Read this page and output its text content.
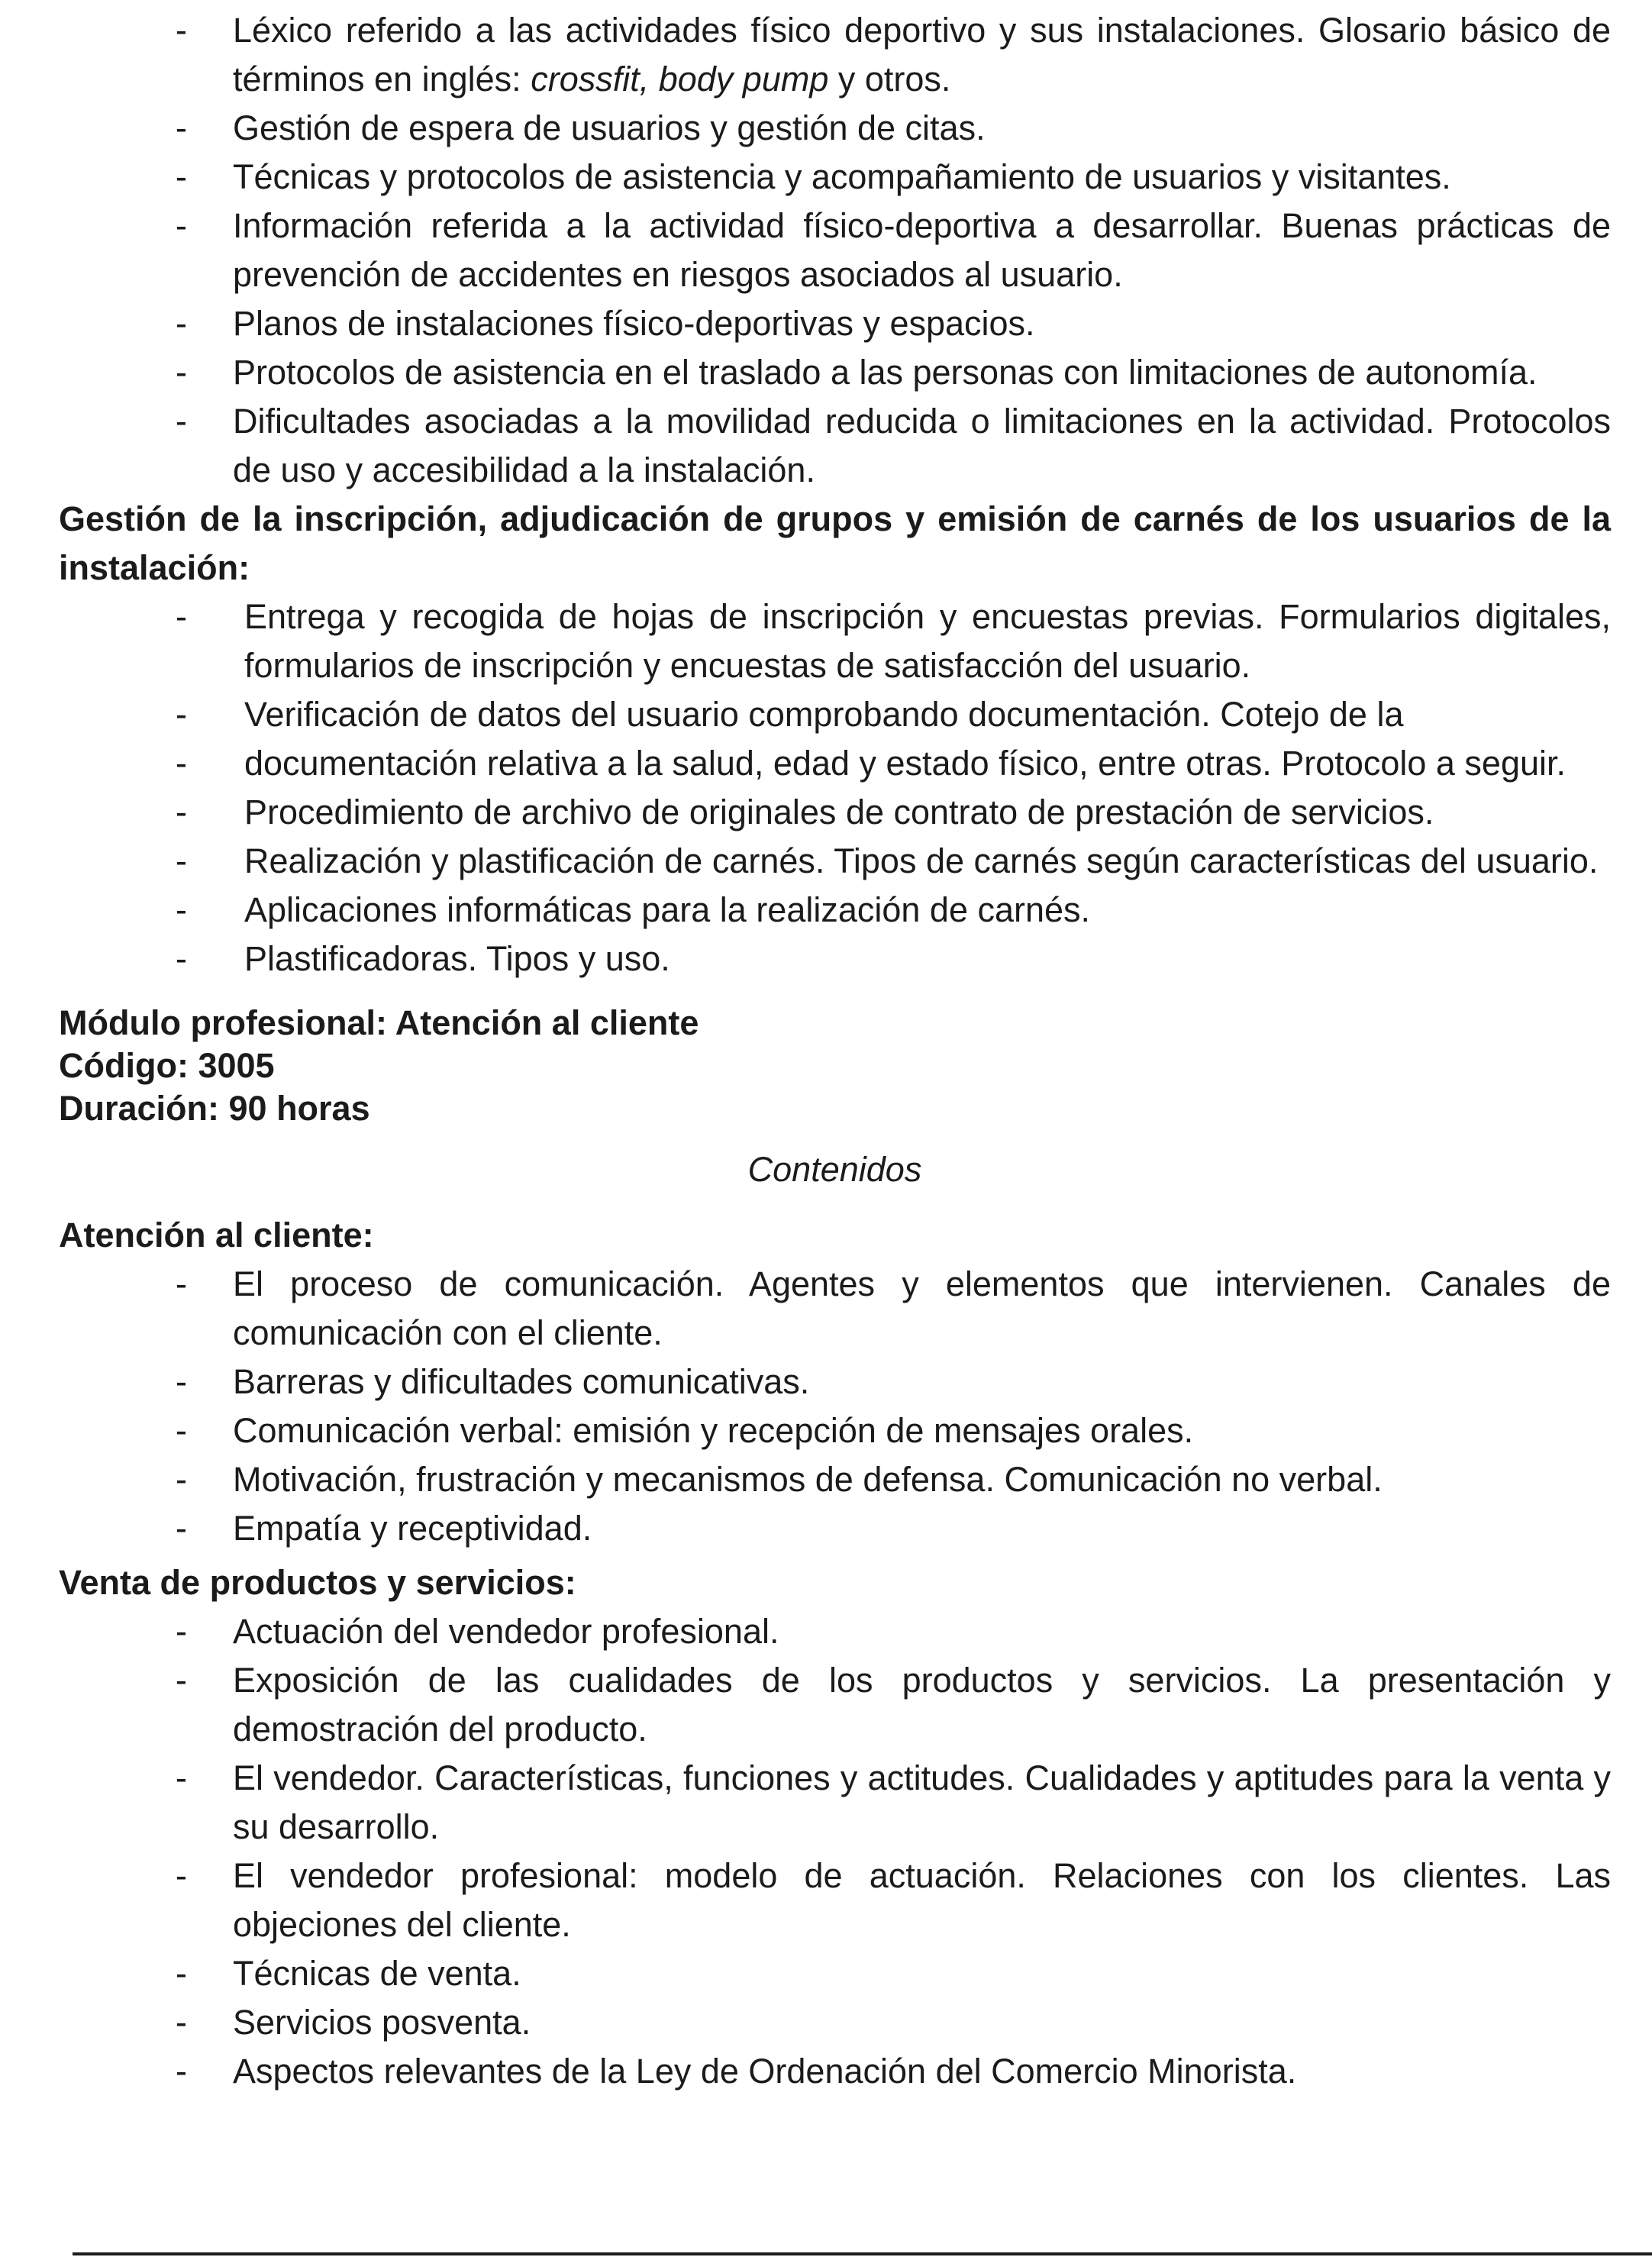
- Léxico referido a las actividades físico deportivo y sus instalaciones. Glosario básico de términos en inglés: crossfit, body pump y otros.
- Gestión de espera de usuarios y gestión de citas.
- Técnicas y protocolos de asistencia y acompañamiento de usuarios y visitantes.
- Información referida a la actividad físico-deportiva a desarrollar. Buenas prácticas de prevención de accidentes en riesgos asociados al usuario.
- Planos de instalaciones físico-deportivas y espacios.
- Protocolos de asistencia en el traslado a las personas con limitaciones de autonomía.
- Dificultades asociadas a la movilidad reducida o limitaciones en la actividad. Protocolos de uso y accesibilidad a la instalación.
Gestión de la inscripción, adjudicación de grupos y emisión de carnés de los usuarios de la instalación:
- Entrega y recogida de hojas de inscripción y encuestas previas. Formularios digitales, formularios de inscripción y encuestas de satisfacción del usuario.
- Verificación de datos del usuario comprobando documentación. Cotejo de la
- documentación relativa a la salud, edad y estado físico, entre otras. Protocolo a seguir.
- Procedimiento de archivo de originales de contrato de prestación de servicios.
- Realización y plastificación de carnés. Tipos de carnés según características del usuario.
- Aplicaciones informáticas para la realización de carnés.
- Plastificadoras. Tipos y uso.

Módulo profesional: Atención al cliente

Código: 3005

Duración: 90 horas

Contenidos

Atención al cliente:
- El proceso de comunicación. Agentes y elementos que intervienen. Canales de comunicación con el cliente.
- Barreras y dificultades comunicativas.
- Comunicación verbal: emisión y recepción de mensajes orales.
- Motivación, frustración y mecanismos de defensa. Comunicación no verbal.
- Empatía y receptividad.
Venta de productos y servicios:
- Actuación del vendedor profesional.
- Exposición de las cualidades de los productos y servicios. La presentación y demostración del producto.
- El vendedor. Características, funciones y actitudes. Cualidades y aptitudes para la venta y su desarrollo.
- El vendedor profesional: modelo de actuación. Relaciones con los clientes. Las objeciones del cliente.
- Técnicas de venta.
- Servicios posventa.
- Aspectos relevantes de la Ley de Ordenación del Comercio Minorista.
